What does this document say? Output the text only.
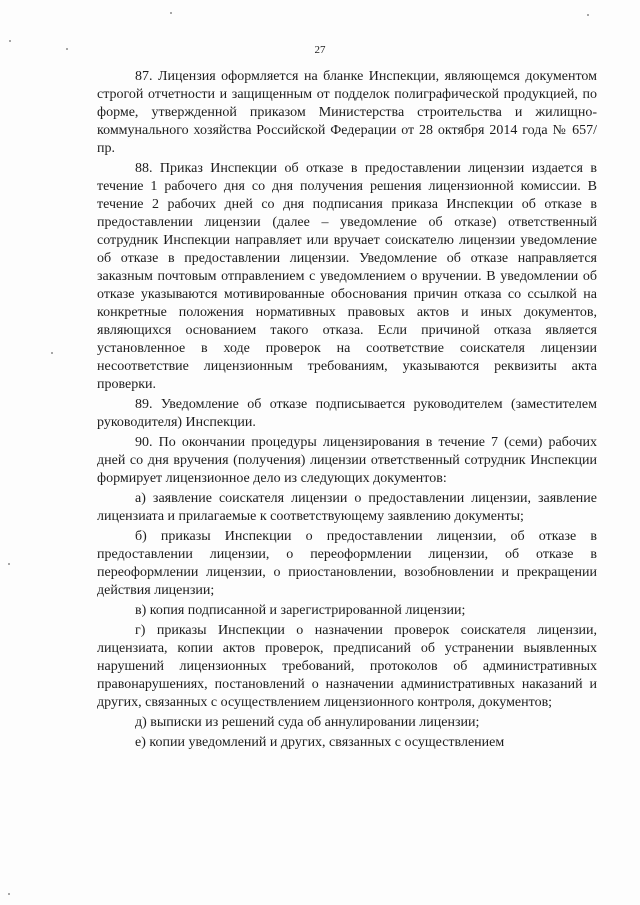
27

87. Лицензия оформляется на бланке Инспекции, являющемся документом строгой отчетности и защищенным от подделок полиграфической продукцией, по форме, утвержденной приказом Министерства строительства и жилищно-коммунального хозяйства Российской Федерации от 28 октября 2014 года № 657/пр.

88. Приказ Инспекции об отказе в предоставлении лицензии издается в течение 1 рабочего дня со дня получения решения лицензионной комиссии. В течение 2 рабочих дней со дня подписания приказа Инспекции об отказе в предоставлении лицензии (далее – уведомление об отказе) ответственный сотрудник Инспекции направляет или вручает соискателю лицензии уведомление об отказе в предоставлении лицензии. Уведомление об отказе направляется заказным почтовым отправлением с уведомлением о вручении. В уведомлении об отказе указываются мотивированные обоснования причин отказа со ссылкой на конкретные положения нормативных правовых актов и иных документов, являющихся основанием такого отказа. Если причиной отказа является установленное в ходе проверок на соответствие соискателя лицензии несоответствие лицензионным требованиям, указываются реквизиты акта проверки.

89. Уведомление об отказе подписывается руководителем (заместителем руководителя) Инспекции.

90. По окончании процедуры лицензирования в течение 7 (семи) рабочих дней со дня вручения (получения) лицензии ответственный сотрудник Инспекции формирует лицензионное дело из следующих документов:

а) заявление соискателя лицензии о предоставлении лицензии, заявление лицензиата и прилагаемые к соответствующему заявлению документы;

б) приказы Инспекции о предоставлении лицензии, об отказе в предоставлении лицензии, о переоформлении лицензии, об отказе в переоформлении лицензии, о приостановлении, возобновлении и прекращении действия лицензии;

в) копия подписанной и зарегистрированной лицензии;

г) приказы Инспекции о назначении проверок соискателя лицензии, лицензиата, копии актов проверок, предписаний об устранении выявленных нарушений лицензионных требований, протоколов об административных правонарушениях, постановлений о назначении административных наказаний и других, связанных с осуществлением лицензионного контроля, документов;

д) выписки из решений суда об аннулировании лицензии;

е) копии уведомлений и других, связанных с осуществлением
